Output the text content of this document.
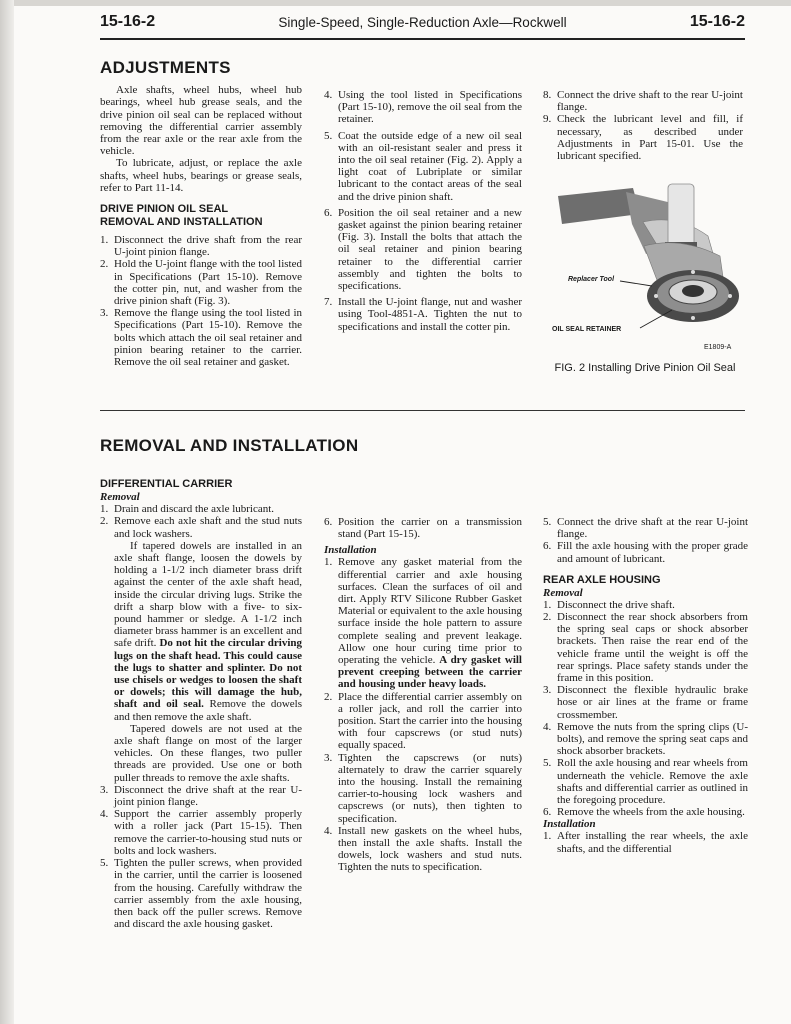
15-16-2	Single-Speed, Single-Reduction Axle—Rockwell	15-16-2
ADJUSTMENTS

Axle shafts, wheel hubs, wheel hub bearings, wheel hub grease seals, and the drive pinion oil seal can be replaced without removing the differential carrier assembly from the rear axle or the rear axle from the vehicle.

To lubricate, adjust, or replace the axle shafts, wheel hubs, bearings or grease seals, refer to Part 11-14.

DRIVE PINION OIL SEAL
REMOVAL AND INSTALLATION
1. Disconnect the drive shaft from the rear U-joint pinion flange.
2. Hold the U-joint flange with the tool listed in Specifications (Part 15-10). Remove the cotter pin, nut, and washer from the drive pinion shaft (Fig. 3).
3. Remove the flange using the tool listed in Specifications (Part 15-10). Remove the bolts which attach the oil seal retainer and pinion bearing retainer to the carrier. Remove the oil seal retainer and gasket.
4. Using the tool listed in Specifications (Part 15-10), remove the oil seal from the retainer.
5. Coat the outside edge of a new oil seal with an oil-resistant sealer and press it into the oil seal retainer (Fig. 2). Apply a light coat of Lubriplate or similar lubricant to the contact areas of the seal and the drive pinion shaft.
6. Position the oil seal retainer and a new gasket against the pinion bearing retainer (Fig. 3). Install the bolts that attach the oil seal retainer and pinion bearing retainer to the differential carrier assembly and tighten the bolts to specifications.
7. Install the U-joint flange, nut and washer using Tool-4851-A. Tighten the nut to specifications and install the cotter pin.
8. Connect the drive shaft to the rear U-joint flange.
9. Check the lubricant level and fill, if necessary, as described under Adjustments in Part 15-01. Use the lubricant specified.
Replacer Tool
OIL SEAL RETAINER
E1809-A
FIG. 2 Installing Drive Pinion Oil Seal
REMOVAL AND INSTALLATION
DIFFERENTIAL CARRIER
Removal
1. Drain and discard the axle lubricant.
2. Remove each axle shaft and the stud nuts and lock washers.

If tapered dowels are installed in an axle shaft flange, loosen the dowels by holding a 1-1/2 inch diameter brass drift against the center of the axle shaft head, inside the circular driving lugs. Strike the drift a sharp blow with a five- to six-pound hammer or sledge. A 1-1/2 inch diameter brass hammer is an excellent and safe drift. Do not hit the circular driving lugs on the shaft head. This could cause the lugs to shatter and splinter. Do not use chisels or wedges to loosen the shaft or dowels; this will damage the hub, shaft and oil seal. Remove the dowels and then remove the axle shaft.

Tapered dowels are not used at the axle shaft flange on most of the larger vehicles. On these flanges, two puller threads are provided. Use one or both puller threads to remove the axle shafts.

3. Disconnect the drive shaft at the rear U-joint pinion flange.
4. Support the carrier assembly properly with a roller jack (Part 15-15). Then remove the carrier-to-housing stud nuts or bolts and lock washers.
5. Tighten the puller screws, when provided in the carrier, until the carrier is loosened from the housing. Carefully withdraw the carrier assembly from the axle housing, then back off the puller screws. Remove and discard the axle housing gasket.
6. Position the carrier on a transmission stand (Part 15-15).
Installation
1. Remove any gasket material from the differential carrier and axle housing surfaces. Clean the surfaces of oil and dirt. Apply RTV Silicone Rubber Gasket Material or equivalent to the axle housing surface inside the hole pattern to assure complete sealing and prevent leakage. Allow one hour curing time prior to operating the vehicle. A dry gasket will prevent creeping between the carrier and housing under heavy loads.
2. Place the differential carrier assembly on a roller jack, and roll the carrier into position. Start the carrier into the housing with four capscrews (or stud nuts) equally spaced.
3. Tighten the capscrews (or nuts) alternately to draw the carrier squarely into the housing. Install the remaining carrier-to-housing lock washers and capscrews (or nuts), then tighten to specification.
4. Install new gaskets on the wheel hubs, then install the axle shafts. Install the dowels, lock washers and stud nuts. Tighten the nuts to specification.
5. Connect the drive shaft at the rear U-joint flange.
6. Fill the axle housing with the proper grade and amount of lubricant.
REAR AXLE HOUSING
Removal
1. Disconnect the drive shaft.
2. Disconnect the rear shock absorbers from the spring seal caps or shock absorber brackets. Then raise the rear end of the vehicle frame until the weight is off the rear springs. Place safety stands under the frame in this position.
3. Disconnect the flexible hydraulic brake hose or air lines at the frame or frame crossmember.
4. Remove the nuts from the spring clips (U-bolts), and remove the spring seat caps and shock absorber brackets.
5. Roll the axle housing and rear wheels from underneath the vehicle. Remove the axle shafts and differential carrier as outlined in the foregoing procedure.
6. Remove the wheels from the axle housing.
Installation
1. After installing the rear wheels, the axle shafts, and the differential
